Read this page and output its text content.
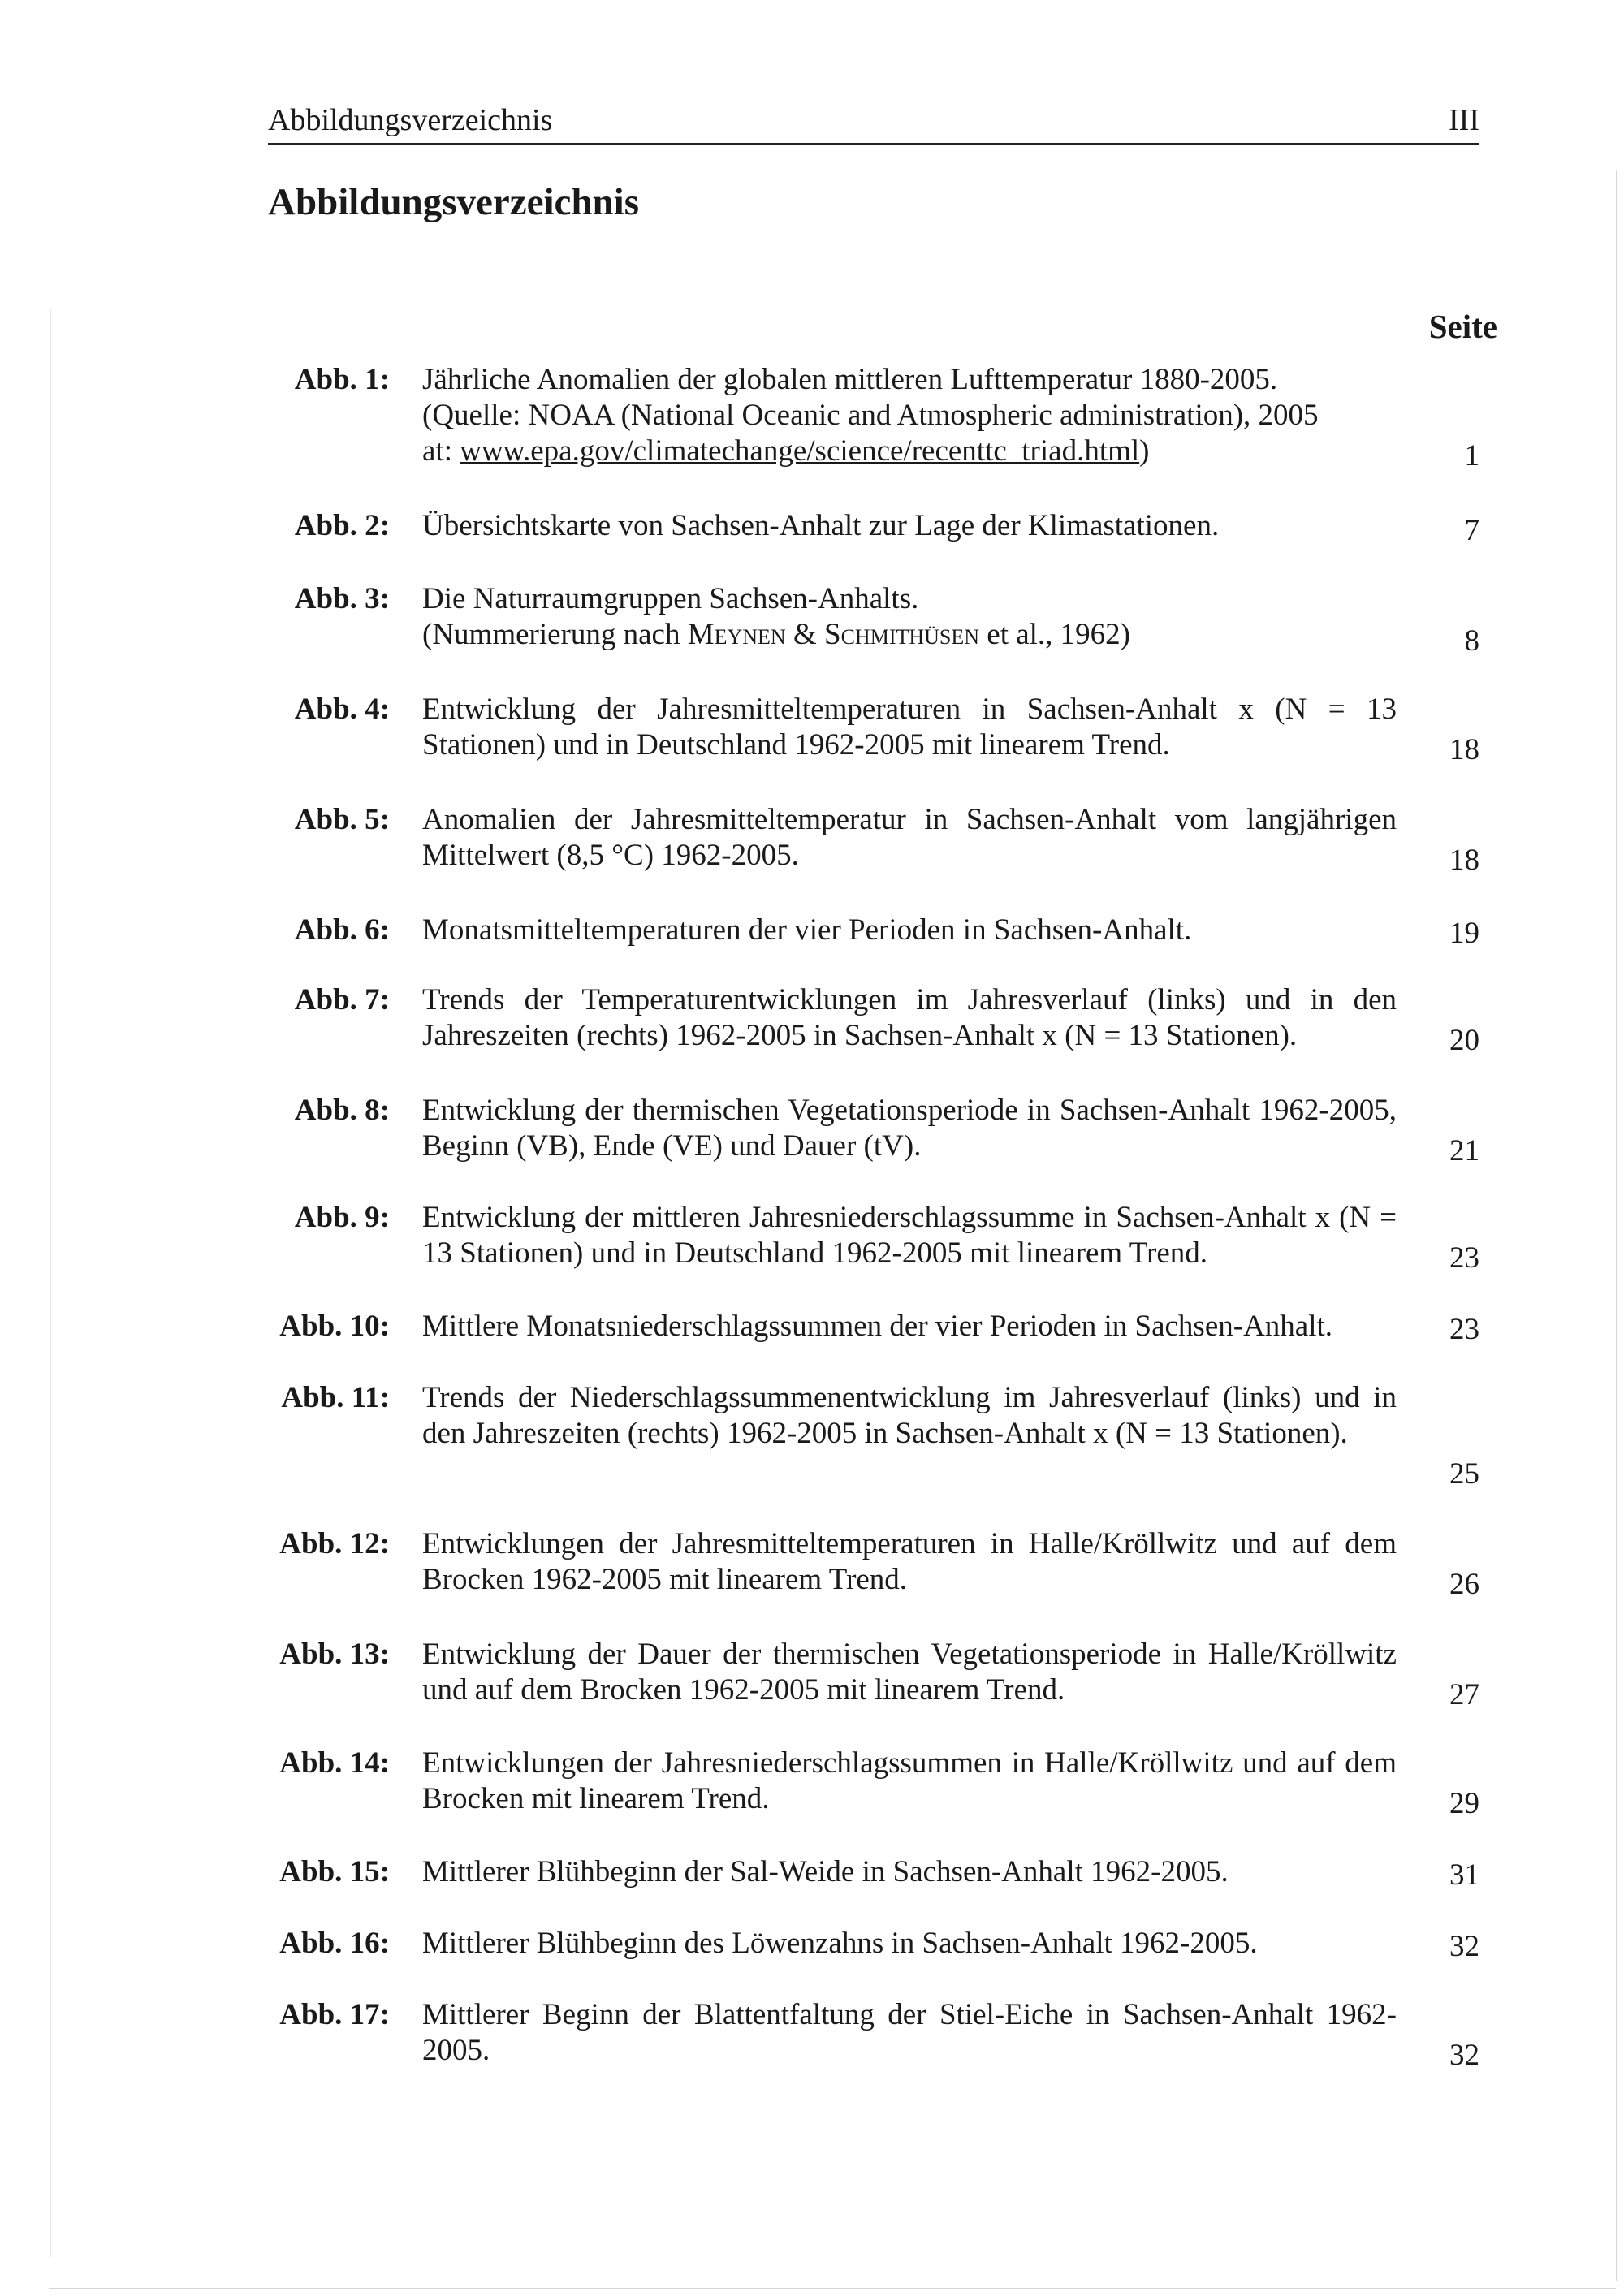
Abbildungsverzeichnis	III
Abbildungsverzeichnis
Seite
Abb. 1: Jährliche Anomalien der globalen mittleren Lufttemperatur 1880-2005.
(Quelle: NOAA (National Oceanic and Atmospheric administration), 2005
at: www.epa.gov/climatechange/science/recenttc_triad.html)	1
Abb. 2: Übersichtskarte von Sachsen-Anhalt zur Lage der Klimastationen.	7
Abb. 3: Die Naturraumgruppen Sachsen-Anhalts.
(Nummerierung nach Meynen & Schmithüsen et al., 1962)	8
Abb. 4: Entwicklung der Jahresmitteltemperaturen in Sachsen-Anhalt x (N = 13 Stationen) und in Deutschland 1962-2005 mit linearem Trend.	18
Abb. 5: Anomalien der Jahresmitteltemperatur in Sachsen-Anhalt vom langjährigen Mittelwert (8,5 °C) 1962-2005.	18
Abb. 6: Monatsmitteltemperaturen der vier Perioden in Sachsen-Anhalt.	19
Abb. 7: Trends der Temperaturentwicklungen im Jahresverlauf (links) und in den Jahreszeiten (rechts) 1962-2005 in Sachsen-Anhalt x (N = 13 Stationen).	20
Abb. 8: Entwicklung der thermischen Vegetationsperiode in Sachsen-Anhalt 1962-2005, Beginn (VB), Ende (VE) und Dauer (tV).	21
Abb. 9: Entwicklung der mittleren Jahresniederschlagssumme in Sachsen-Anhalt x (N = 13 Stationen) und in Deutschland 1962-2005 mit linearem Trend.	23
Abb. 10: Mittlere Monatsniederschlagssummen der vier Perioden in Sachsen-Anhalt.	23
Abb. 11: Trends der Niederschlagssummenentwicklung im Jahresverlauf (links) und in den Jahreszeiten (rechts) 1962-2005 in Sachsen-Anhalt x (N = 13 Stationen).
25
Abb. 12: Entwicklungen der Jahresmitteltemperaturen in Halle/Kröllwitz und auf dem Brocken 1962-2005 mit linearem Trend.	26
Abb. 13: Entwicklung der Dauer der thermischen Vegetationsperiode in Halle/Kröllwitz und auf dem Brocken 1962-2005 mit linearem Trend.	27
Abb. 14: Entwicklungen der Jahresniederschlagssummen in Halle/Kröllwitz und auf dem Brocken mit linearem Trend.	29
Abb. 15: Mittlerer Blühbeginn der Sal-Weide in Sachsen-Anhalt 1962-2005.	31
Abb. 16: Mittlerer Blühbeginn des Löwenzahns in Sachsen-Anhalt 1962-2005.	32
Abb. 17: Mittlerer Beginn der Blattentfaltung der Stiel-Eiche in Sachsen-Anhalt 1962-2005.	32
